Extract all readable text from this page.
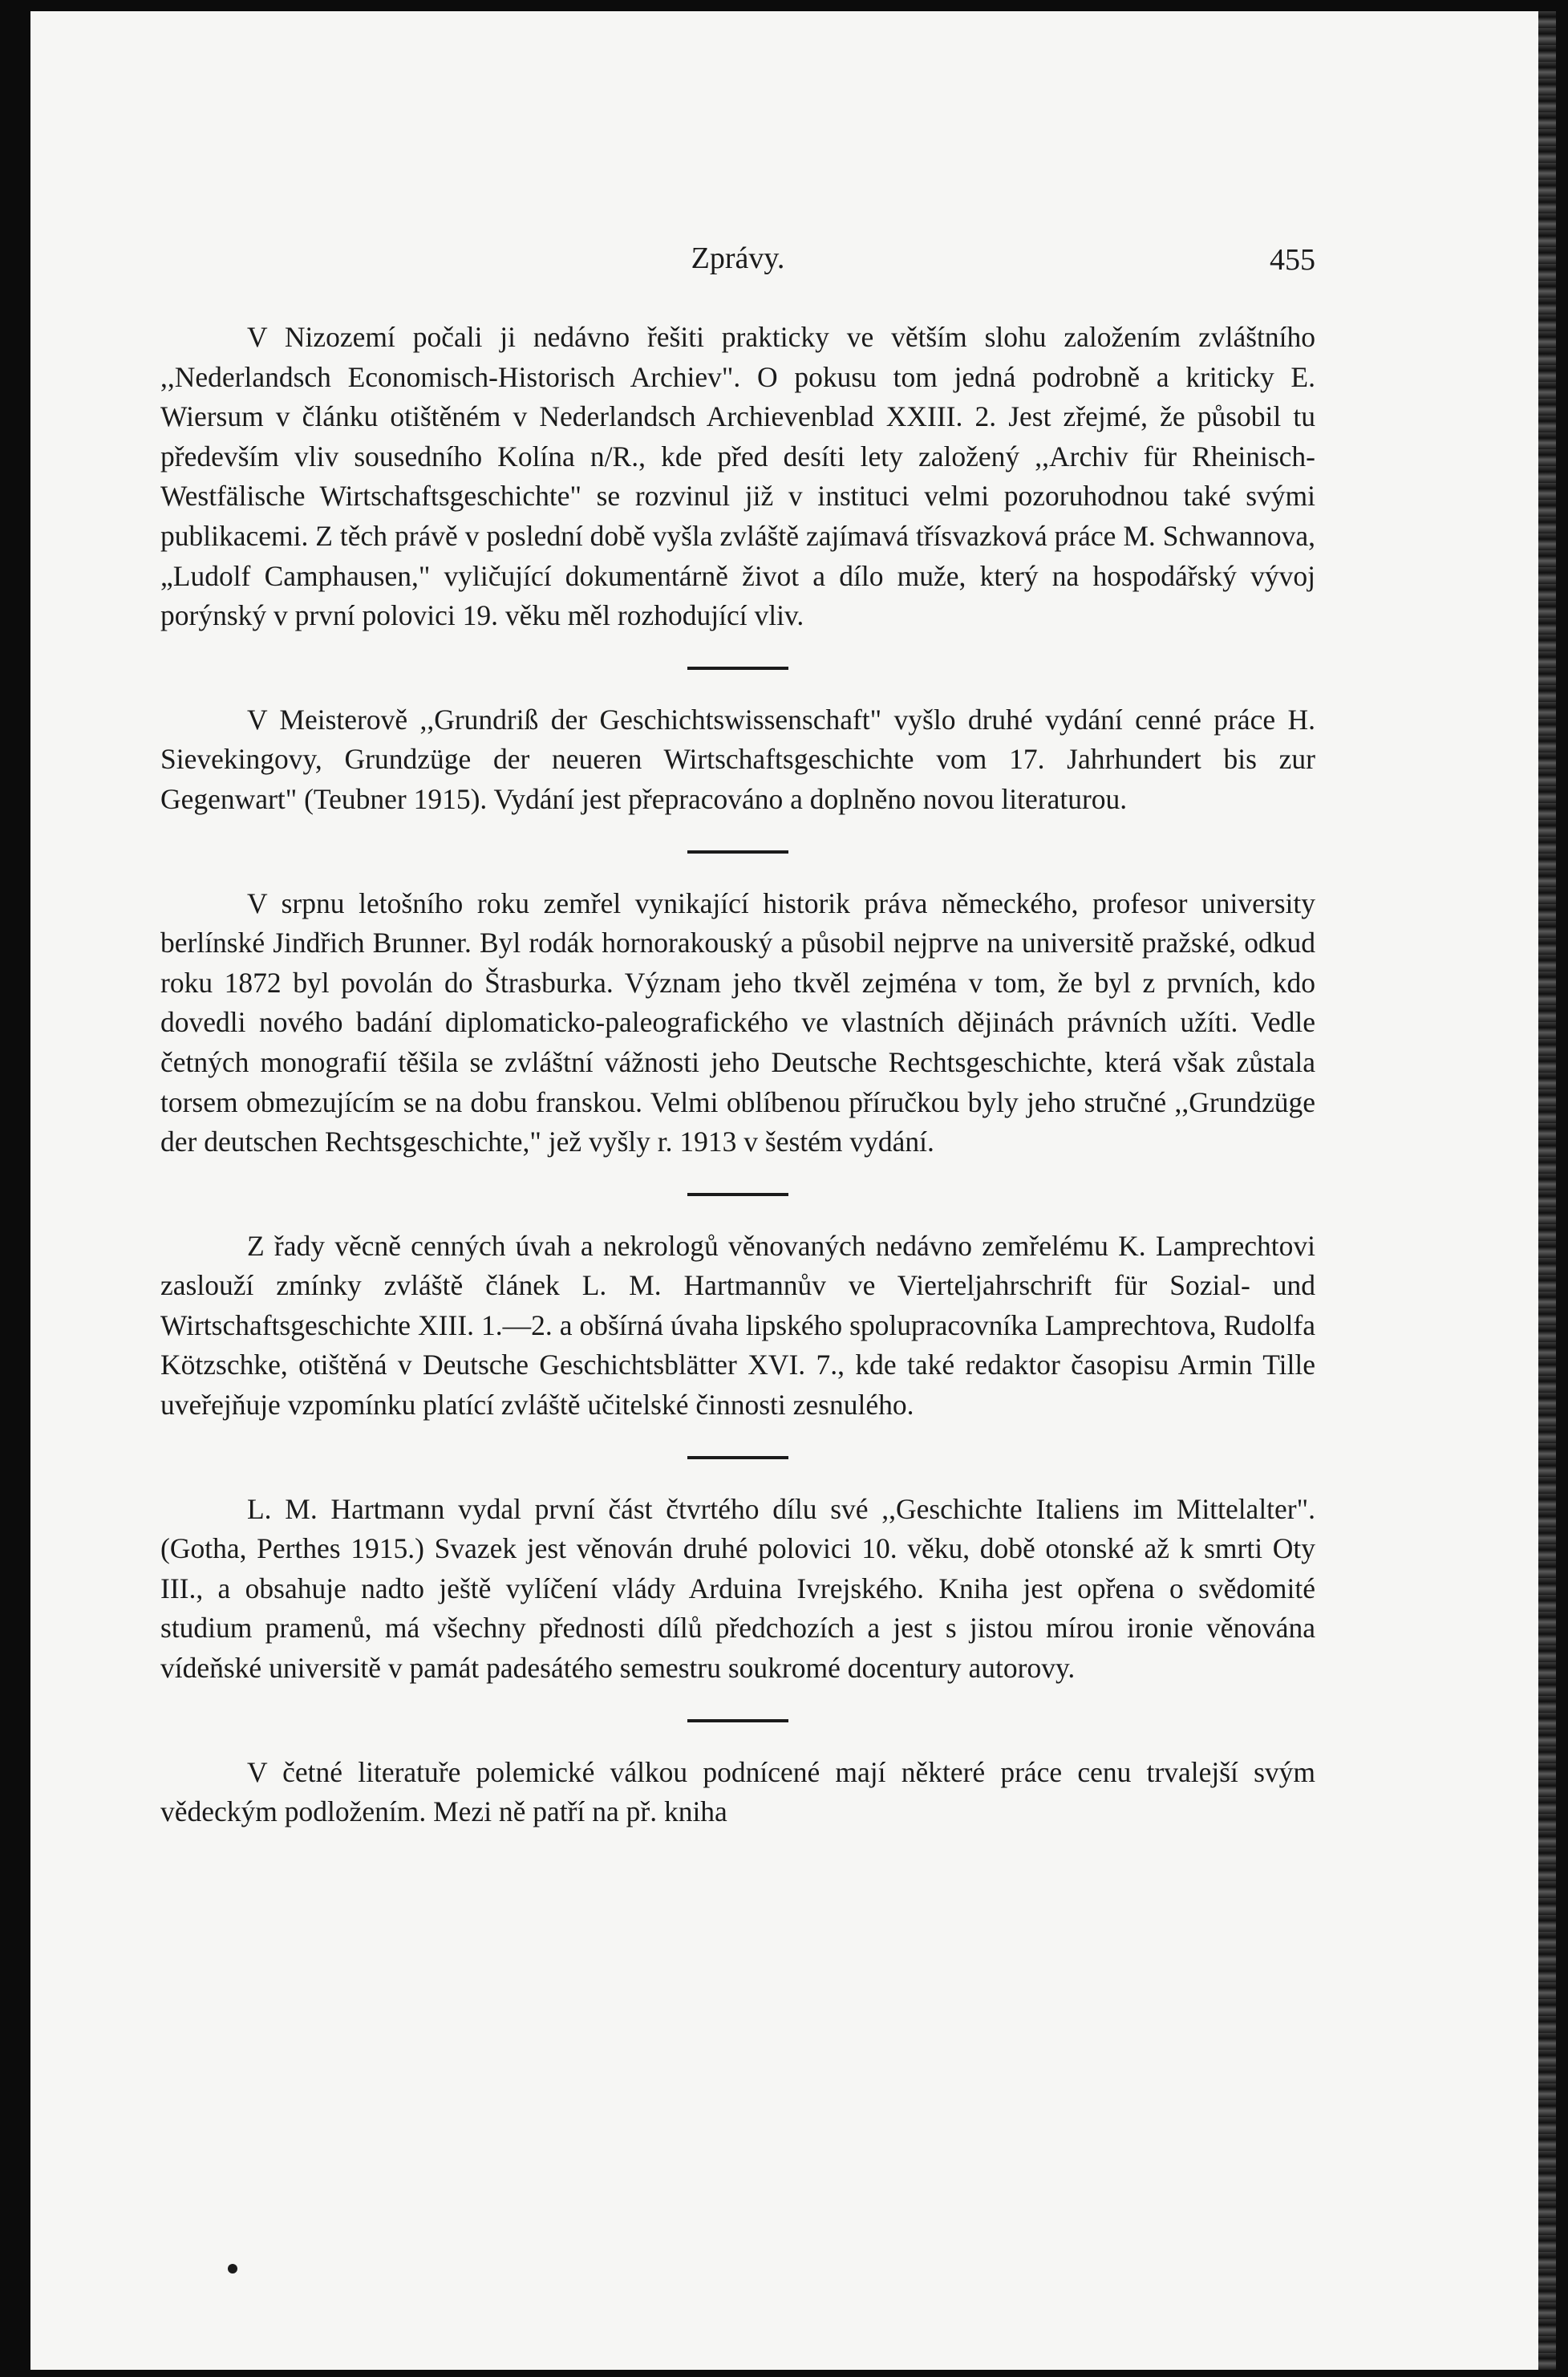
Zprávy.	455

V Nizozemí počali ji nedávno řešiti prakticky ve větším slohu založením zvláštního ,,Nederlandsch Economisch-Historisch Archiev". O pokusu tom jedná podrobně a kriticky E. Wiersum v článku otištěném v Nederlandsch Archievenblad XXIII. 2. Jest zřejmé, že působil tu především vliv sousedního Kolína n/R., kde před desíti lety založený ,,Archiv für Rheinisch-Westfälische Wirtschaftsgeschichte" se rozvinul již v instituci velmi pozoruhodnou také svými publikacemi. Z těch právě v poslední době vyšla zvláště zajímavá třísvazková práce M. Schwannova, „Ludolf Camphausen," vyličující dokumentárně život a dílo muže, který na hospodářský vývoj porýnský v první polovici 19. věku měl rozhodující vliv.

V Meisterově ,,Grundriß der Geschichtswissenschaft" vyšlo druhé vydání cenné práce H. Sievekingovy, Grundzüge der neueren Wirtschaftsgeschichte vom 17. Jahrhundert bis zur Gegenwart" (Teubner 1915). Vydání jest přepracováno a doplněno novou literaturou.

V srpnu letošního roku zemřel vynikající historik práva německého, profesor university berlínské Jindřich Brunner. Byl rodák hornorakouský a působil nejprve na universitě pražské, odkud roku 1872 byl povolán do Štrasburka. Význam jeho tkvěl zejména v tom, že byl z prvních, kdo dovedli nového badání diplomaticko-paleografického ve vlastních dějinách právních užíti. Vedle četných monografií těšila se zvláštní vážnosti jeho Deutsche Rechtsgeschichte, která však zůstala torsem obmezujícím se na dobu franskou. Velmi oblíbenou příručkou byly jeho stručné ,,Grundzüge der deutschen Rechtsgeschichte," jež vyšly r. 1913 v šestém vydání.

Z řady věcně cenných úvah a nekrologů věnovaných nedávno zemřelému K. Lamprechtovi zaslouží zmínky zvláště článek L. M. Hartmannův ve Vierteljahrschrift für Sozial- und Wirtschaftsgeschichte XIII. 1.—2. a obšírná úvaha lipského spolupracovníka Lamprechtova, Rudolfa Kötzschke, otištěná v Deutsche Geschichtsblätter XVI. 7., kde také redaktor časopisu Armin Tille uveřejňuje vzpomínku platící zvláště učitelské činnosti zesnulého.

L. M. Hartmann vydal první část čtvrtého dílu své ,,Geschichte Italiens im Mittelalter". (Gotha, Perthes 1915.) Svazek jest věnován druhé polovici 10. věku, době otonské až k smrti Oty III., a obsahuje nadto ještě vylíčení vlády Arduina Ivrejského. Kniha jest opřena o svědomité studium pramenů, má všechny přednosti dílů předchozích a jest s jistou mírou ironie věnována vídeňské universitě v památ padesátého semestru soukromé docentury autorovy.

V četné literatuře polemické válkou podnícené mají některé práce cenu trvalejší svým vědeckým podložením. Mezi ně patří na př. kniha
